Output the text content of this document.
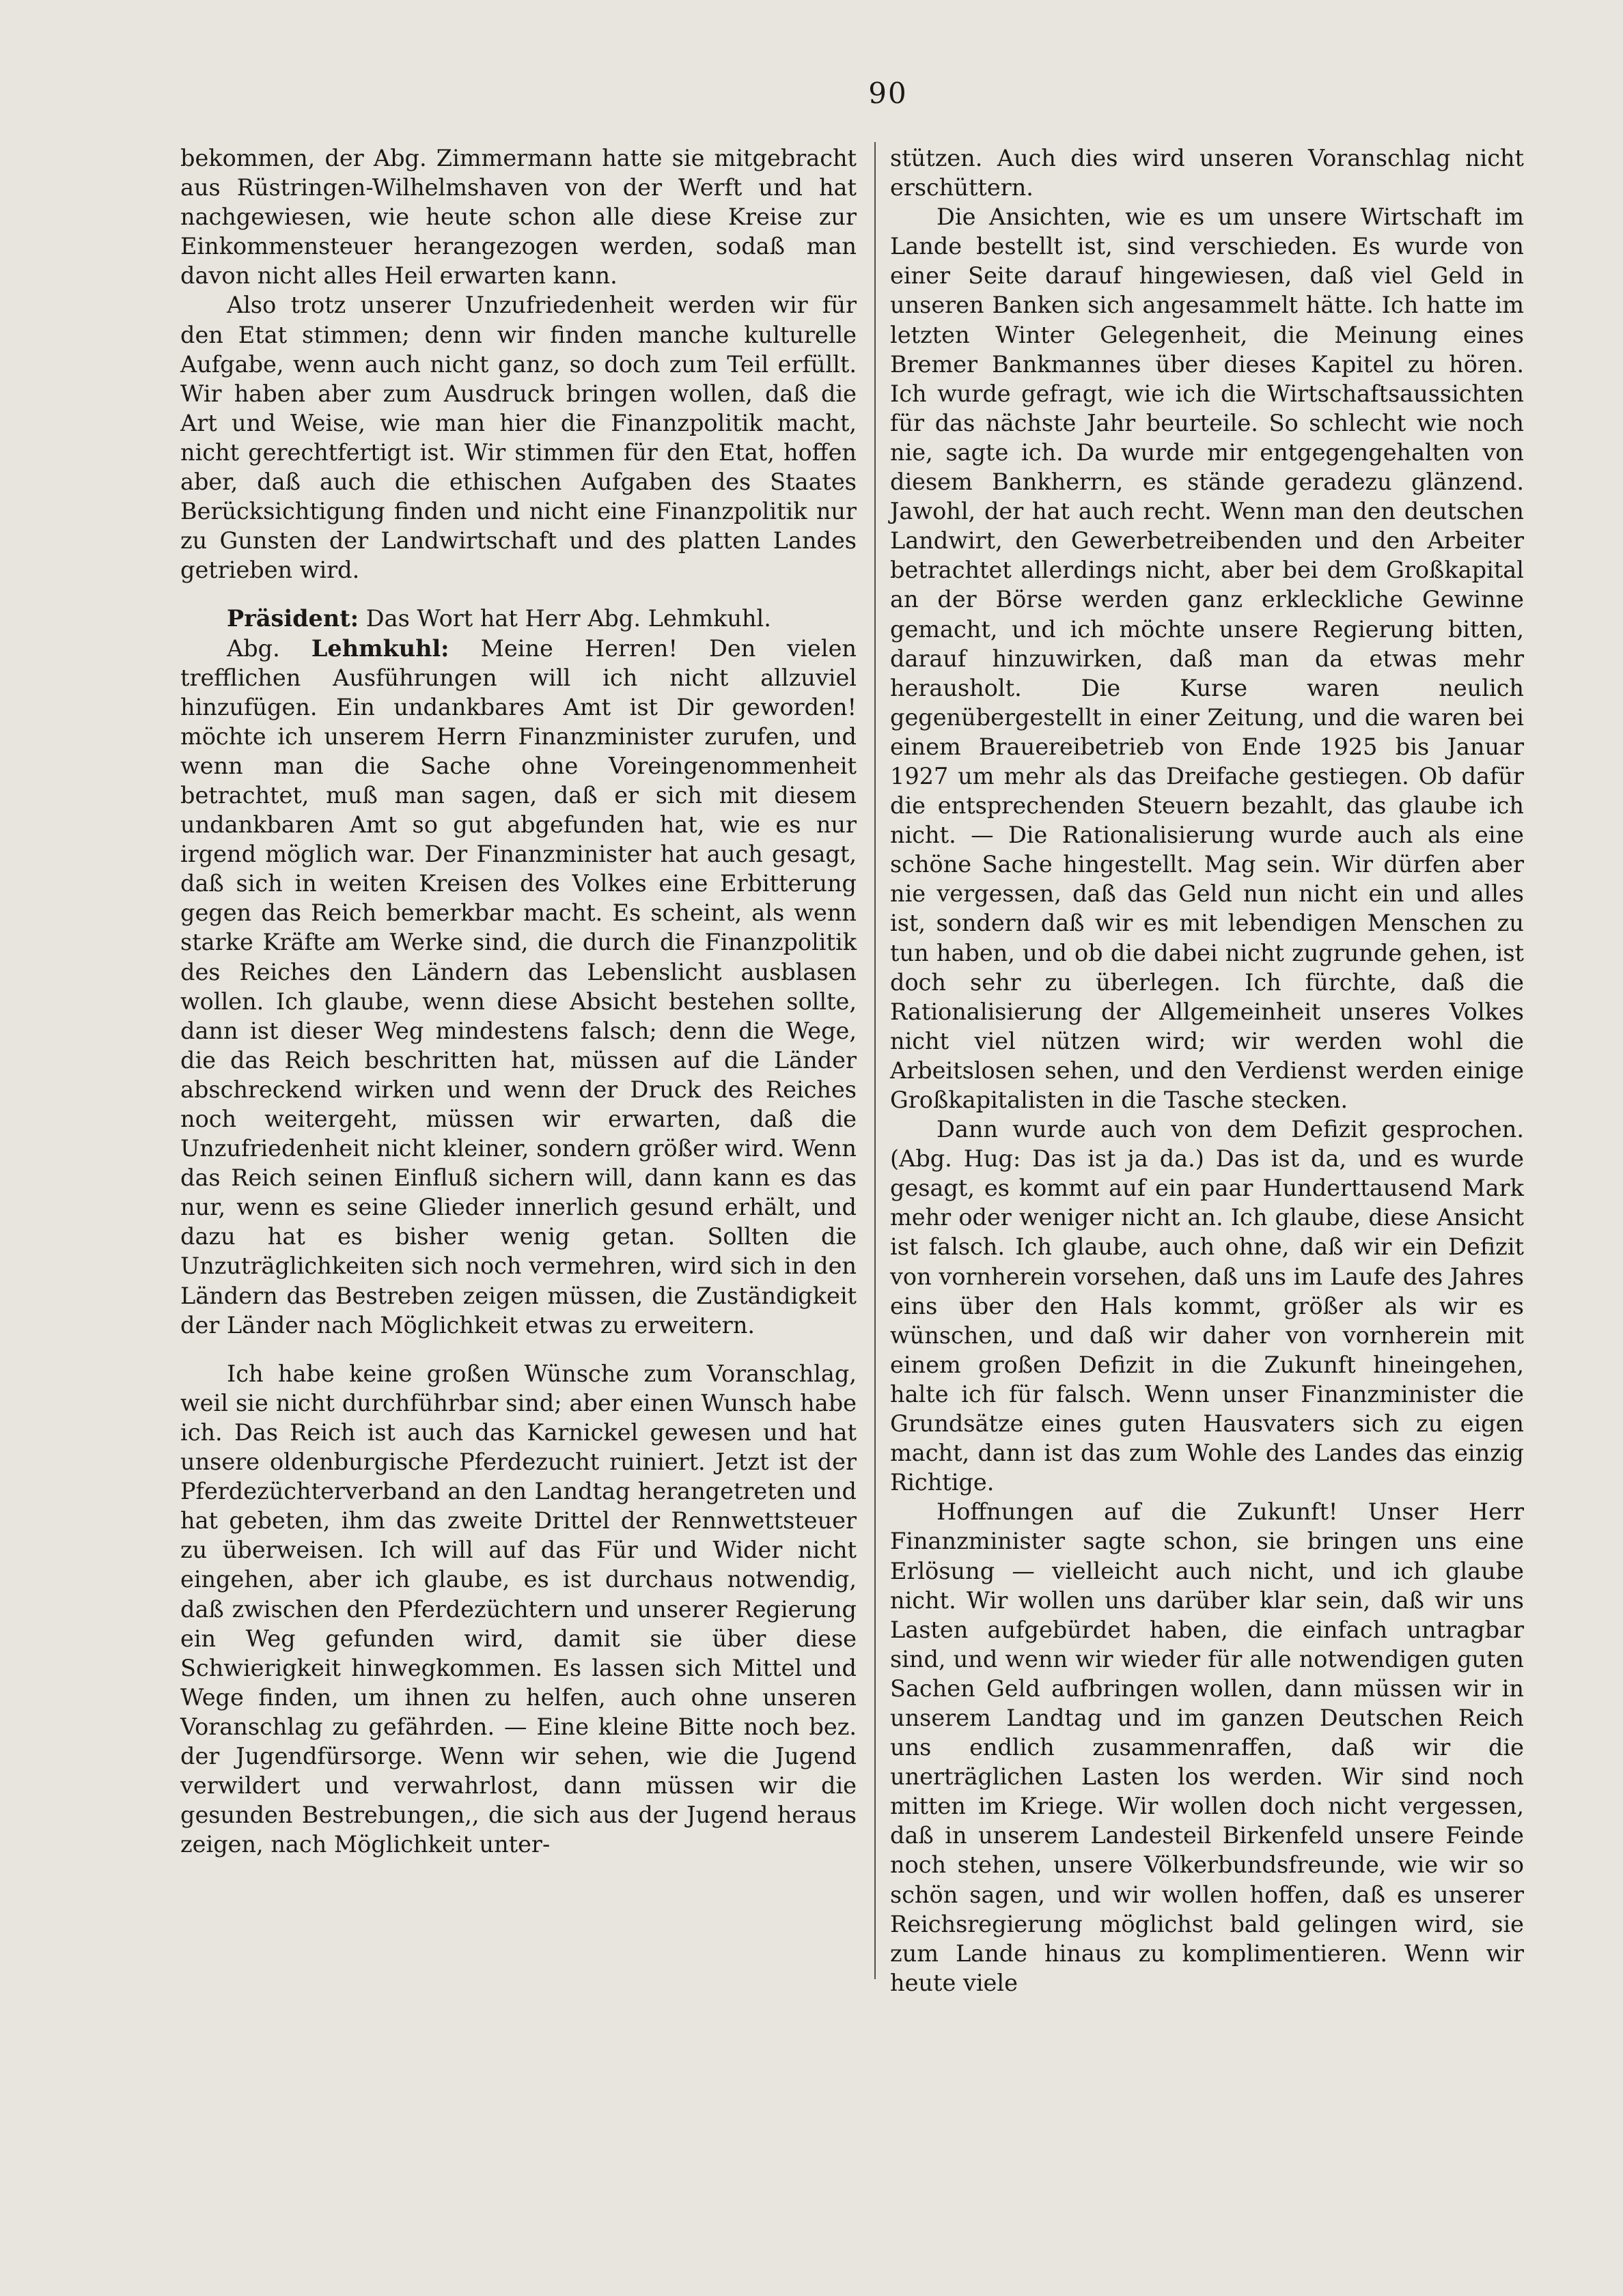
90

bekommen, der Abg. Zimmermann hatte sie mitgebracht aus Rüstringen-Wilhelmshaven von der Werft und hat nachgewiesen, wie heute schon alle diese Kreise zur Einkommensteuer herangezogen werden, sodaß man davon nicht alles Heil erwarten kann.

Also trotz unserer Unzufriedenheit werden wir für den Etat stimmen; denn wir finden manche kulturelle Aufgabe, wenn auch nicht ganz, so doch zum Teil erfüllt. Wir haben aber zum Ausdruck bringen wollen, daß die Art und Weise, wie man hier die Finanzpolitik macht, nicht gerechtfertigt ist. Wir stimmen für den Etat, hoffen aber, daß auch die ethischen Aufgaben des Staates Berücksichtigung finden und nicht eine Finanzpolitik nur zu Gunsten der Landwirtschaft und des platten Landes getrieben wird.

Präsident: Das Wort hat Herr Abg. Lehmkuhl.

Abg. Lehmkuhl: Meine Herren! Den vielen trefflichen Ausführungen will ich nicht allzuviel hinzufügen. Ein undankbares Amt ist Dir geworden! möchte ich unserem Herrn Finanzminister zurufen, und wenn man die Sache ohne Voreingenommenheit betrachtet, muß man sagen, daß er sich mit diesem undankbaren Amt so gut abgefunden hat, wie es nur irgend möglich war. Der Finanzminister hat auch gesagt, daß sich in weiten Kreisen des Volkes eine Erbitterung gegen das Reich bemerkbar macht. Es scheint, als wenn starke Kräfte am Werke sind, die durch die Finanzpolitik des Reiches den Ländern das Lebenslicht ausblasen wollen. Ich glaube, wenn diese Absicht bestehen sollte, dann ist dieser Weg mindestens falsch; denn die Wege, die das Reich beschritten hat, müssen auf die Länder abschreckend wirken und wenn der Druck des Reiches noch weitergeht, müssen wir erwarten, daß die Unzufriedenheit nicht kleiner, sondern größer wird. Wenn das Reich seinen Einfluß sichern will, dann kann es das nur, wenn es seine Glieder innerlich gesund erhält, und dazu hat es bisher wenig getan. Sollten die Unzuträglichkeiten sich noch vermehren, wird sich in den Ländern das Bestreben zeigen müssen, die Zuständigkeit der Länder nach Möglichkeit etwas zu erweitern.

Ich habe keine großen Wünsche zum Voranschlag, weil sie nicht durchführbar sind; aber einen Wunsch habe ich. Das Reich ist auch das Karnickel gewesen und hat unsere oldenburgische Pferdezucht ruiniert. Jetzt ist der Pferdezüchterverband an den Landtag herangetreten und hat gebeten, ihm das zweite Drittel der Rennwettsteuer zu überweisen. Ich will auf das Für und Wider nicht eingehen, aber ich glaube, es ist durchaus notwendig, daß zwischen den Pferdezüchtern und unserer Regierung ein Weg gefunden wird, damit sie über diese Schwierigkeit hinwegkommen. Es lassen sich Mittel und Wege finden, um ihnen zu helfen, auch ohne unseren Voranschlag zu gefährden. — Eine kleine Bitte noch bez. der Jugendfürsorge. Wenn wir sehen, wie die Jugend verwildert und verwahrlost, dann müssen wir die gesunden Bestrebungen,, die sich aus der Jugend heraus zeigen, nach Möglichkeit unter-

stützen. Auch dies wird unseren Voranschlag nicht erschüttern.

Die Ansichten, wie es um unsere Wirtschaft im Lande bestellt ist, sind verschieden. Es wurde von einer Seite darauf hingewiesen, daß viel Geld in unseren Banken sich angesammelt hätte. Ich hatte im letzten Winter Gelegenheit, die Meinung eines Bremer Bankmannes über dieses Kapitel zu hören. Ich wurde gefragt, wie ich die Wirtschaftsaussichten für das nächste Jahr beurteile. So schlecht wie noch nie, sagte ich. Da wurde mir entgegengehalten von diesem Bankherrn, es stände geradezu glänzend. Jawohl, der hat auch recht. Wenn man den deutschen Landwirt, den Gewerbetreibenden und den Arbeiter betrachtet allerdings nicht, aber bei dem Großkapital an der Börse werden ganz erkleckliche Gewinne gemacht, und ich möchte unsere Regierung bitten, darauf hinzuwirken, daß man da etwas mehr herausholt. Die Kurse waren neulich gegenübergestellt in einer Zeitung, und die waren bei einem Brauereibetrieb von Ende 1925 bis Januar 1927 um mehr als das Dreifache gestiegen. Ob dafür die entsprechenden Steuern bezahlt, das glaube ich nicht. — Die Rationalisierung wurde auch als eine schöne Sache hingestellt. Mag sein. Wir dürfen aber nie vergessen, daß das Geld nun nicht ein und alles ist, sondern daß wir es mit lebendigen Menschen zu tun haben, und ob die dabei nicht zugrunde gehen, ist doch sehr zu überlegen. Ich fürchte, daß die Rationalisierung der Allgemeinheit unseres Volkes nicht viel nützen wird; wir werden wohl die Arbeitslosen sehen, und den Verdienst werden einige Großkapitalisten in die Tasche stecken.

Dann wurde auch von dem Defizit gesprochen. (Abg. Hug: Das ist ja da.) Das ist da, und es wurde gesagt, es kommt auf ein paar Hunderttausend Mark mehr oder weniger nicht an. Ich glaube, diese Ansicht ist falsch. Ich glaube, auch ohne, daß wir ein Defizit von vornherein vorsehen, daß uns im Laufe des Jahres eins über den Hals kommt, größer als wir es wünschen, und daß wir daher von vornherein mit einem großen Defizit in die Zukunft hineingehen, halte ich für falsch. Wenn unser Finanzminister die Grundsätze eines guten Hausvaters sich zu eigen macht, dann ist das zum Wohle des Landes das einzig Richtige.

Hoffnungen auf die Zukunft! Unser Herr Finanzminister sagte schon, sie bringen uns eine Erlösung — vielleicht auch nicht, und ich glaube nicht. Wir wollen uns darüber klar sein, daß wir uns Lasten aufgebürdet haben, die einfach untragbar sind, und wenn wir wieder für alle notwendigen guten Sachen Geld aufbringen wollen, dann müssen wir in unserem Landtag und im ganzen Deutschen Reich uns endlich zusammenraffen, daß wir die unerträglichen Lasten los werden. Wir sind noch mitten im Kriege. Wir wollen doch nicht vergessen, daß in unserem Landesteil Birkenfeld unsere Feinde noch stehen, unsere Völkerbundsfreunde, wie wir so schön sagen, und wir wollen hoffen, daß es unserer Reichsregierung möglichst bald gelingen wird, sie zum Lande hinaus zu komplimentieren. Wenn wir heute viele
